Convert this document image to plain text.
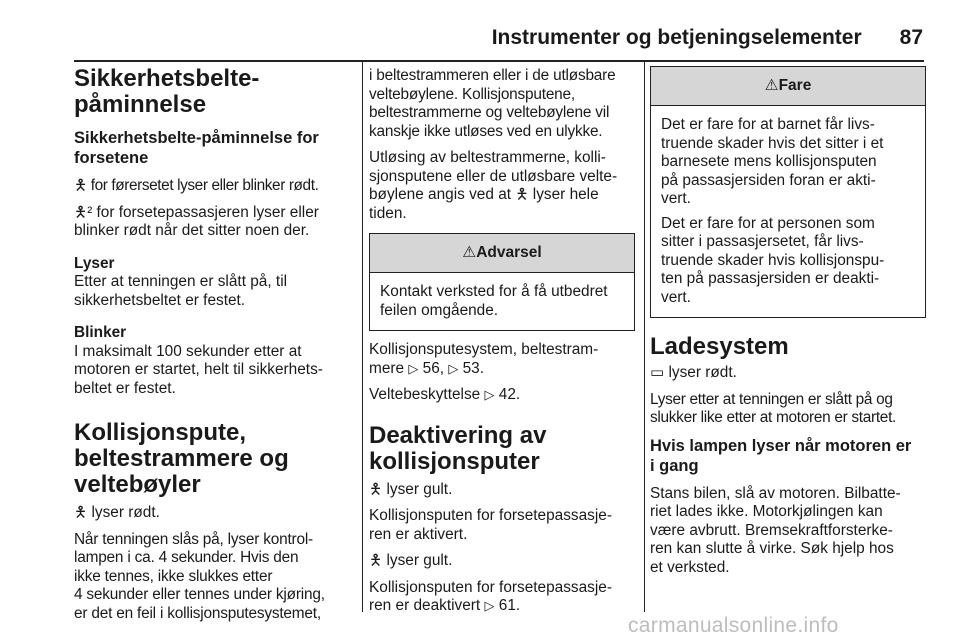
Instrumenter og betjeningselementer 87
Sikkerhetsbelte-
påminnelse
Sikkerhetsbelte-påminnelse for
forsetene

🯅 for førersetet lyser eller blinker rødt.

🯅² for forsetepassasjeren lyser eller
blinker rødt når det sitter noen der.

Lyser

Etter at tenningen er slått på, til
sikkerhetsbeltet er festet.

Blinker

I maksimalt 100 sekunder etter at
motoren er startet, helt til sikkerhets-
beltet er festet.

Kollisjonspute,
beltestrammere og
veltebøyler

🯅 lyser rødt.

Når tenningen slås på, lyser kontrol-
lampen i ca. 4 sekunder. Hvis den
ikke tennes, ikke slukkes etter
4 sekunder eller tennes under kjøring,
er det en feil i kollisjonsputesystemet,

i beltestrammeren eller i de utløsbare
veltebøylene. Kollisjonsputene,
beltestrammerne og veltebøylene vil
kanskje ikke utløses ved en ulykke.

Utløsing av beltestrammerne, kolli-
sjonsputene eller de utløsbare velte-
bøylene angis ved at 🯅 lyser hele
tiden.

⚠Advarsel

Kontakt verksted for å få utbedret
feilen omgående.

Kollisjonsputesystem, beltestram-
mere ▷ 56, ▷ 53.

Veltebeskyttelse ▷ 42.

Deaktivering av
kollisjonsputer

🯅 lyser gult.

Kollisjonsputen for forsetepassasje-
ren er aktivert.

🯅 lyser gult.

Kollisjonsputen for forsetepassasje-
ren er deaktivert ▷ 61.

⚠Fare

Det er fare for at barnet får livs-
truende skader hvis det sitter i et
barnesete mens kollisjonsputen
på passasjersiden foran er akti-
vert.

Det er fare for at personen som
sitter i passasjersetet, får livs-
truende skader hvis kollisjonspu-
ten på passasjersiden er deakti-
vert.

Ladesystem

▭ lyser rødt.

Lyser etter at tenningen er slått på og
slukker like etter at motoren er startet.

Hvis lampen lyser når motoren er
i gang

Stans bilen, slå av motoren. Bilbatte-
riet lades ikke. Motorkjølingen kan
være avbrutt. Bremsekraftforsterke-
ren kan slutte å virke. Søk hjelp hos
et verksted.

carmanualsonline.info
